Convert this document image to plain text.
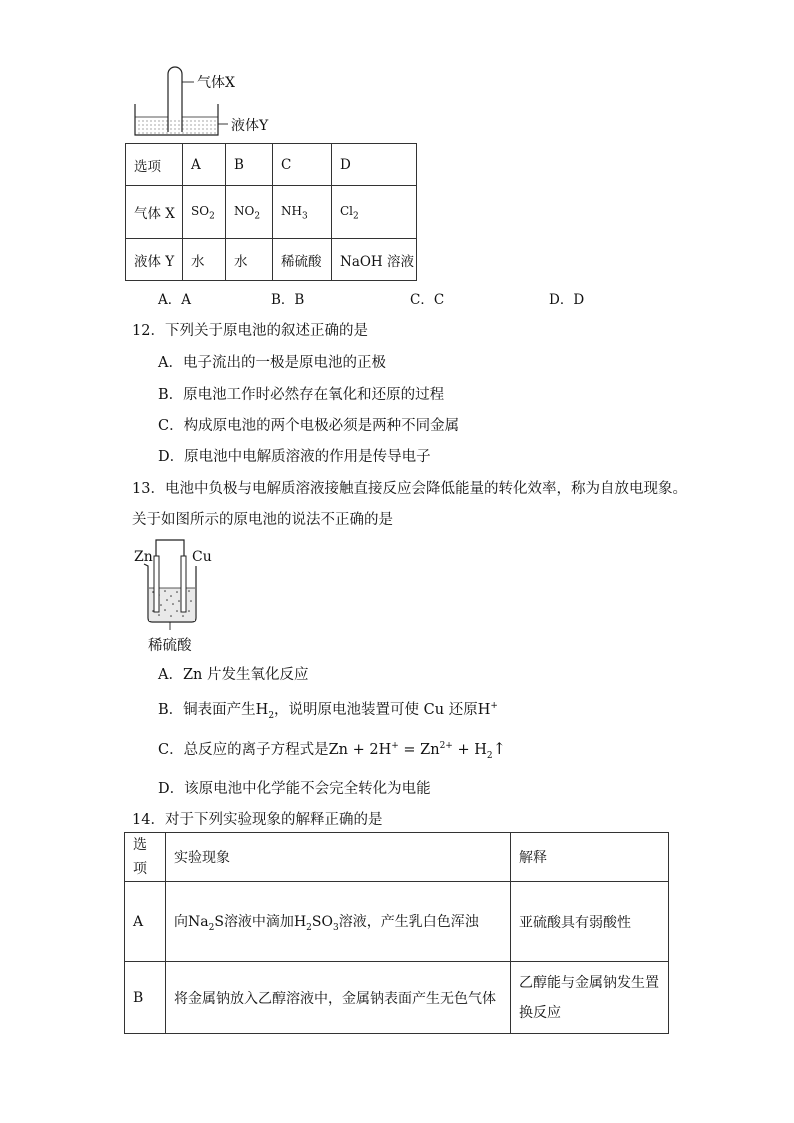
气体X
液体Y
选项	A	B	C	D
气体 X	$SO_2$	$NO_2$	$NH_3$	$Cl_2$
液体 Y	水	水	稀硫酸	NaOH 溶液
A．A	B．B	C．C	D．D
12．下列关于原电池的叙述正确的是
A．电子流出的一极是原电池的正极
B．原电池工作时必然存在氧化和还原的过程
C．构成原电池的两个电极必须是两种不同金属
D．原电池中电解质溶液的作用是传导电子
13．电池中负极与电解质溶液接触直接反应会降低能量的转化效率，称为自放电现象。
关于如图所示的原电池的说法不正确的是
Zn	Cu
稀硫酸
A．Zn 片发生氧化反应
B．铜表面产生$H_2$，说明原电池装置可使 Cu 还原H+
C．总反应的离子方程式是$Zn + 2H^+ = Zn^{2+}$ + $H_2↑$
D．该原电池中化学能不会完全转化为电能
14．对于下列实验现象的解释正确的是
选
项	实验现象	解释
A	向$Na_2S$溶液中滴加$H_2SO_3$溶液，产生乳白色浑浊	亚硫酸具有弱酸性
B	将金属钠放入乙醇溶液中，金属钠表面产生无色气体	乙醇能与金属钠发生置
换反应
